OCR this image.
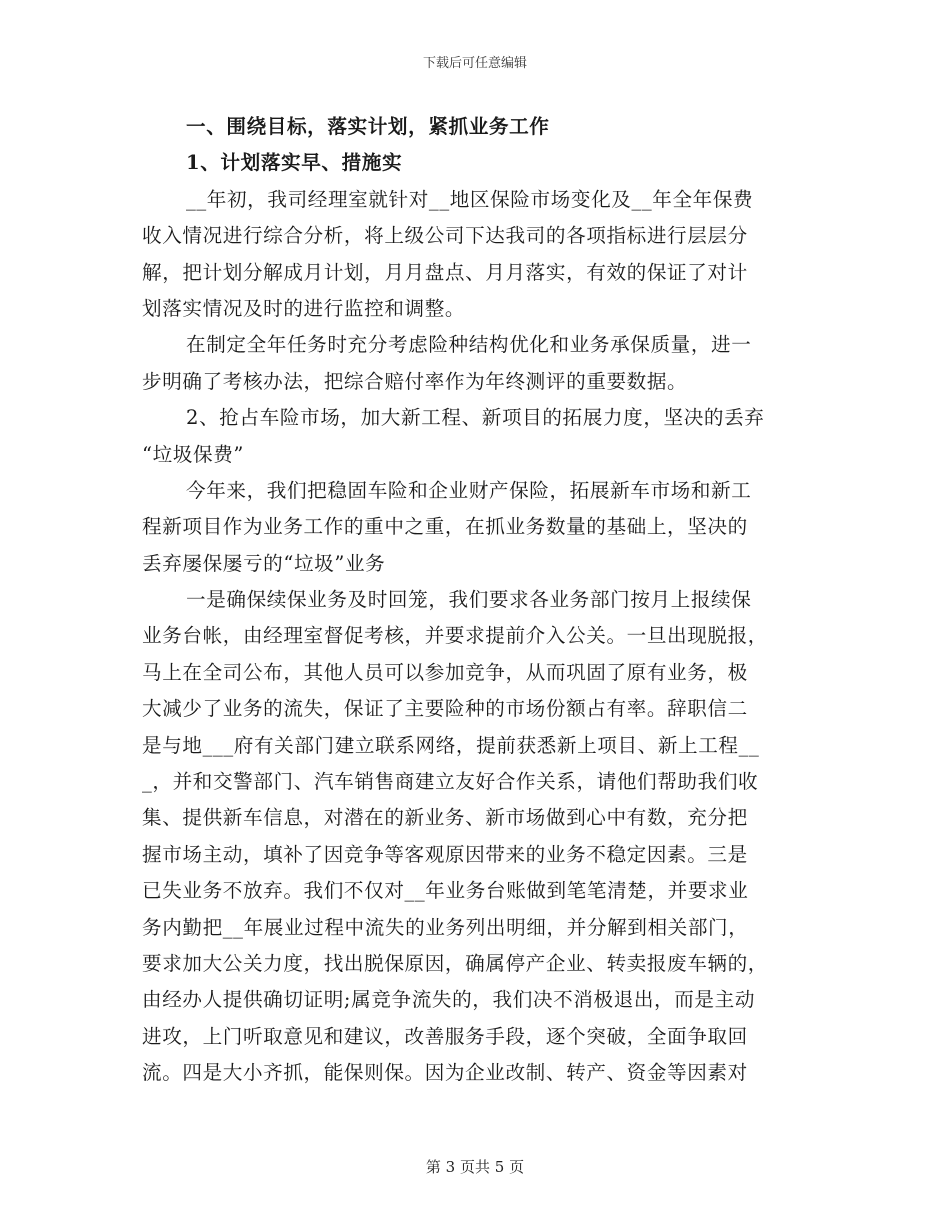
下载后可任意编辑
一、围绕目标，落实计划，紧抓业务工作
1、计划落实早、措施实
__年初，我司经理室就针对__地区保险市场变化及__年全年保费
收入情况进行综合分析，将上级公司下达我司的各项指标进行层层分
解，把计划分解成月计划，月月盘点、月月落实，有效的保证了对计
划落实情况及时的进行监控和调整。
在制定全年任务时充分考虑险种结构优化和业务承保质量，进一
步明确了考核办法，把综合赔付率作为年终测评的重要数据。
2、抢占车险市场，加大新工程、新项目的拓展力度，坚决的丢弃
“垃圾保费”
今年来，我们把稳固车险和企业财产保险，拓展新车市场和新工
程新项目作为业务工作的重中之重，在抓业务数量的基础上，坚决的
丢弃屡保屡亏的“垃圾”业务
一是确保续保业务及时回笼，我们要求各业务部门按月上报续保
业务台帐，由经理室督促考核，并要求提前介入公关。一旦出现脱报，
马上在全司公布，其他人员可以参加竞争，从而巩固了原有业务，极
大减少了业务的流失，保证了主要险种的市场份额占有率。辞职信二
是与地___府有关部门建立联系网络，提前获悉新上项目、新上工程__
_，并和交警部门、汽车销售商建立友好合作关系，请他们帮助我们收
集、提供新车信息，对潜在的新业务、新市场做到心中有数，充分把
握市场主动，填补了因竞争等客观原因带来的业务不稳定因素。三是
已失业务不放弃。我们不仅对__年业务台账做到笔笔清楚，并要求业
务内勤把__年展业过程中流失的业务列出明细，并分解到相关部门，
要求加大公关力度，找出脱保原因，确属停产企业、转卖报废车辆的，
由经办人提供确切证明;属竞争流失的，我们决不消极退出，而是主动
进攻，上门听取意见和建议，改善服务手段，逐个突破，全面争取回
流。四是大小齐抓，能保则保。因为企业改制、转产、资金等因素对
第 3 页共 5 页
